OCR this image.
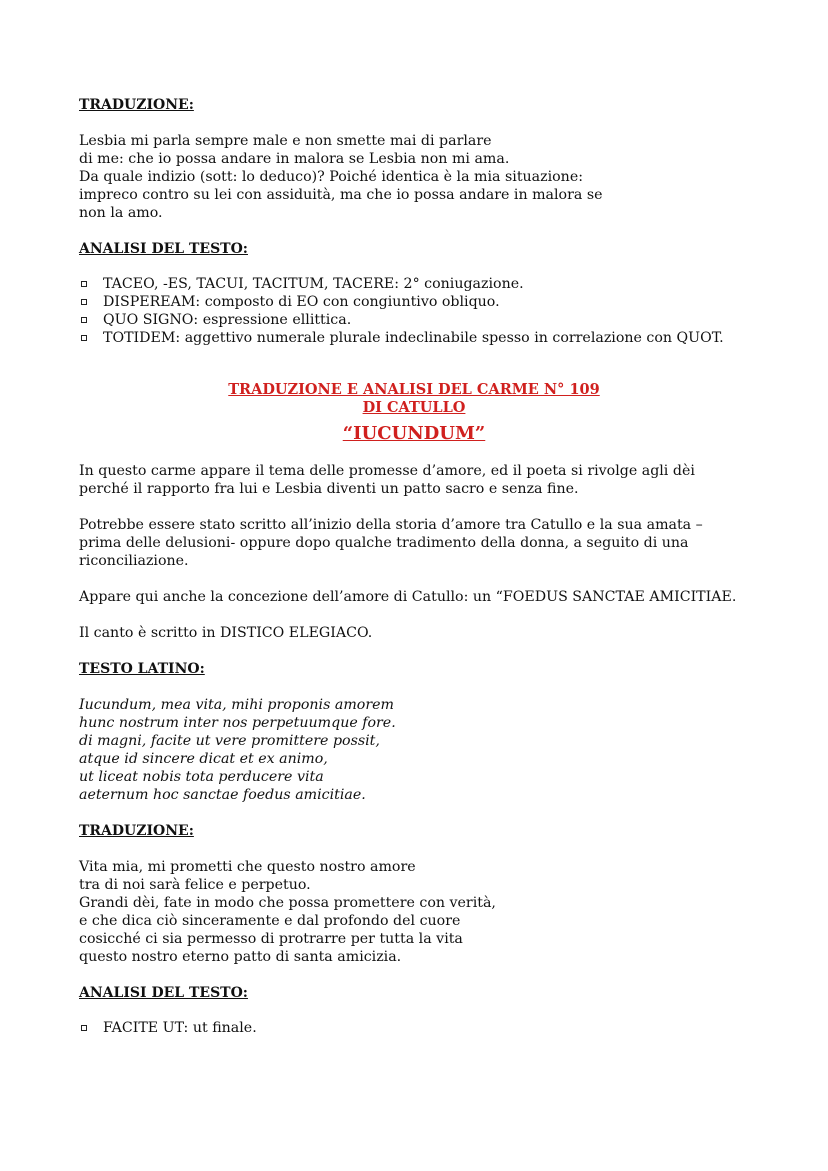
TRADUZIONE:

Lesbia mi parla sempre male e non smette mai di parlare
di me: che io possa andare in malora se Lesbia non mi ama.
Da quale indizio (sott: lo deduco)? Poiché identica è la mia situazione:
impreco contro su lei con assiduità, ma che io possa andare in malora se
non la amo.

ANALISI DEL TESTO:

TACEO, -ES, TACUI, TACITUM, TACERE: 2° coniugazione.
DISPEREAM: composto di EO con congiuntivo obliquo.
QUO SIGNO: espressione ellittica.
TOTIDEM: aggettivo numerale plurale indeclinabile spesso in correlazione con QUOT.

TRADUZIONE E ANALISI DEL CARME N° 109

DI CATULLO

“IUCUNDUM”

In questo carme appare il tema delle promesse d’amore, ed il poeta si rivolge agli dèi
perché il rapporto fra lui e Lesbia diventi un patto sacro e senza fine.

Potrebbe essere stato scritto all’inizio della storia d’amore tra Catullo e la sua amata –
prima delle delusioni- oppure dopo qualche tradimento della donna, a seguito di una
riconciliazione.

Appare qui anche la concezione dell’amore di Catullo: un “FOEDUS SANCTAE AMICITIAE.

Il canto è scritto in DISTICO ELEGIACO.

TESTO LATINO:

Iucundum, mea vita, mihi proponis amorem
hunc nostrum inter nos perpetuumque fore.
di magni, facite ut vere promittere possit,
atque id sincere dicat et ex animo,
ut liceat nobis tota perducere vita
aeternum hoc sanctae foedus amicitiae.

TRADUZIONE:

Vita mia, mi prometti che questo nostro amore
tra di noi sarà felice e perpetuo.
Grandi dèi, fate in modo che possa promettere con verità,
e che dica ciò sinceramente e dal profondo del cuore
cosicché ci sia permesso di protrarre per tutta la vita
questo nostro eterno patto di santa amicizia.

ANALISI DEL TESTO:

FACITE UT: ut finale.
